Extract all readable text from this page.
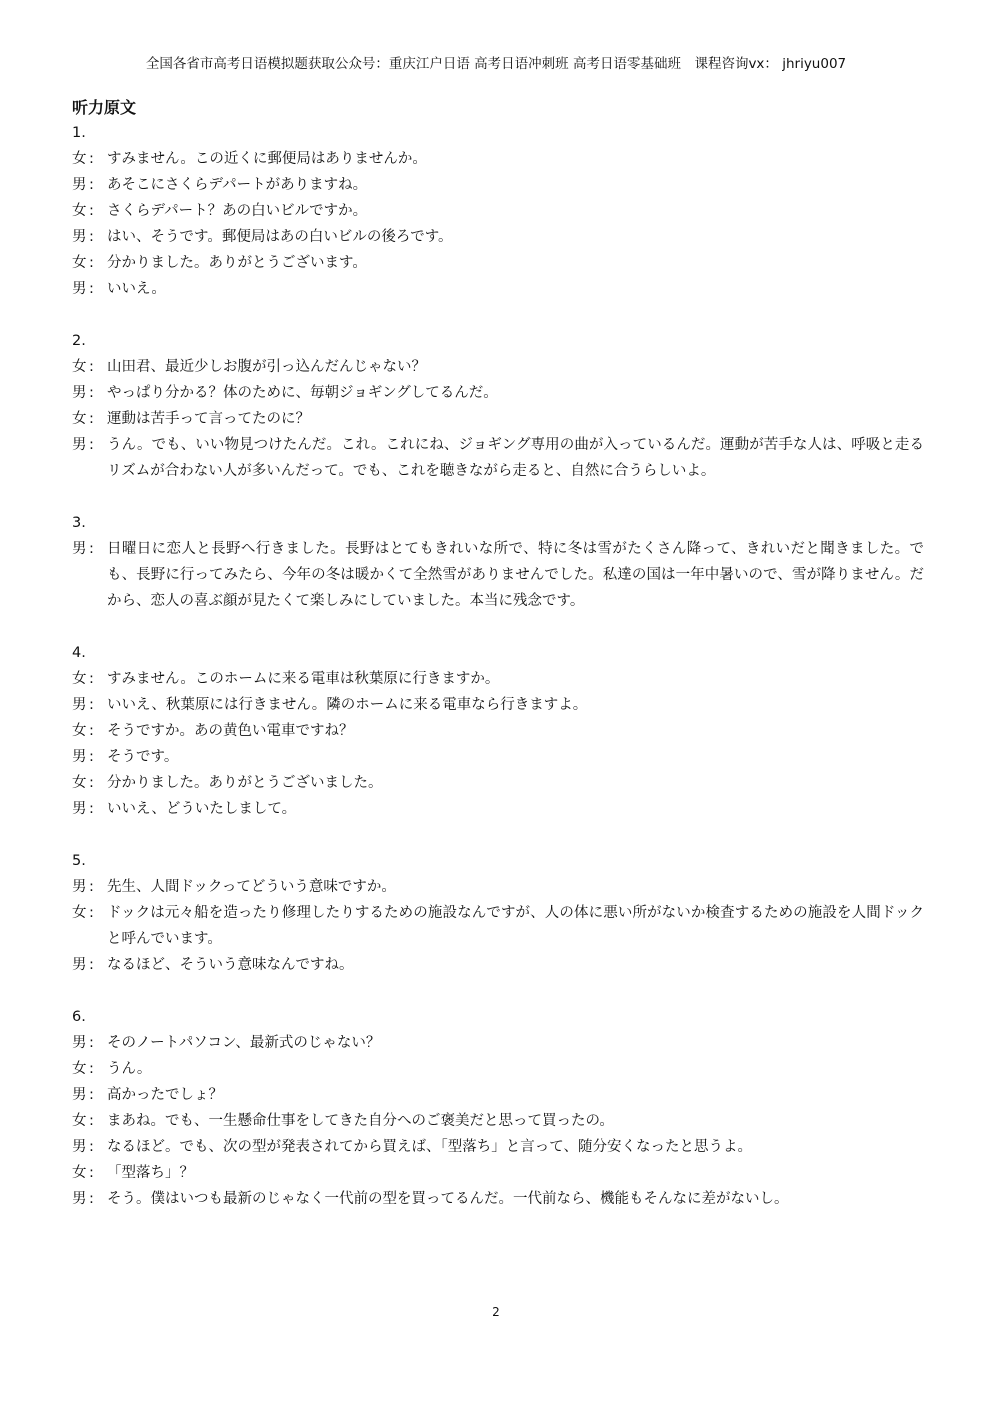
全国各省市高考日语模拟题获取公众号：重庆江户日语 高考日语冲刺班 高考日语零基础班　课程咨询vx： jhriyu007

听力原文

1.

女 : すみません。この近くに郵便局はありませんか。

男 : あそこにさくらデパートがありますね。

女 : さくらデパート？あの白いビルですか。

男 : はい、そうです。郵便局はあの白いビルの後ろです。

女 : 分かりました。ありがとうございます。

男 : いいえ。

2.

女 : 山田君、最近少しお腹が引っ込んだんじゃない？

男 : やっぱり分かる？体のために、毎朝ジョギングしてるんだ。

女 : 運動は苦手って言ってたのに？

男 : うん。でも、いい物見つけたんだ。これ。これにね、ジョギング専用の曲が入っているんだ。運動が苦手な人は、呼吸と走るリズムが合わない人が多いんだって。でも、これを聴きながら走ると、自然に合うらしいよ。

3.

男 : 日曜日に恋人と長野へ行きました。長野はとてもきれいな所で、特に冬は雪がたくさん降って、きれいだと聞きました。でも、長野に行ってみたら、今年の冬は暖かくて全然雪がありませんでした。私達の国は一年中暑いので、雪が降りません。だから、恋人の喜ぶ顔が見たくて楽しみにしていました。本当に残念です。

4.

女 : すみません。このホームに来る電車は秋葉原に行きますか。

男 : いいえ、秋葉原には行きません。隣のホームに来る電車なら行きますよ。

女 : そうですか。あの黄色い電車ですね？

男 : そうです。

女 : 分かりました。ありがとうございました。

男 : いいえ、どういたしまして。

5.

男 : 先生、人間ドックってどういう意味ですか。

女 : ドックは元々船を造ったり修理したりするための施設なんですが、人の体に悪い所がないか検査するための施設を人間ドックと呼んでいます。

男 : なるほど、そういう意味なんですね。

6.

男 : そのノートパソコン、最新式のじゃない？

女 : うん。

男 : 高かったでしょ？

女 : まあね。でも、一生懸命仕事をしてきた自分へのご褒美だと思って買ったの。

男 : なるほど。でも、次の型が発表されてから買えば、「型落ち」と言って、随分安くなったと思うよ。

女 : 「型落ち」？

男 : そう。僕はいつも最新のじゃなく一代前の型を買ってるんだ。一代前なら、機能もそんなに差がないし。

2
